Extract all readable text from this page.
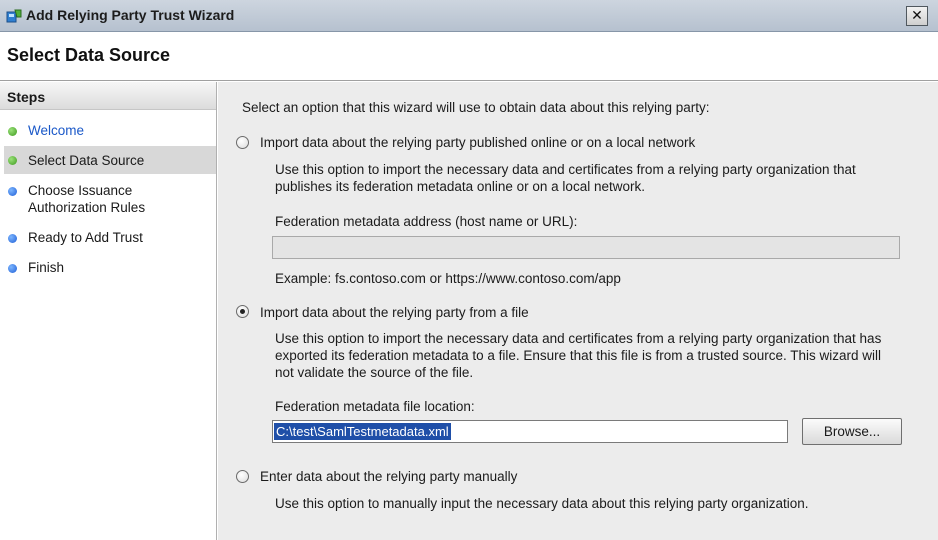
Add Relying Party Trust Wizard	✕
Select Data Source
Steps
Welcome
Select Data Source
Choose Issuance
Authorization Rules
Ready to Add Trust
Finish
Select an option that this wizard will use to obtain data about this relying party:
Import data about the relying party published online or on a local network
Use this option to import the necessary data and certificates from a relying party organization that
publishes its federation metadata online or on a local network.
Federation metadata address (host name or URL):
Example: fs.contoso.com or https://www.contoso.com/app
Import data about the relying party from a file
Use this option to import the necessary data and certificates from a relying party organization that has
exported its federation metadata to a file. Ensure that this file is from a trusted source. This wizard will
not validate the source of the file.
Federation metadata file location:
C:\test\SamlTestmetadata.xml	Browse...
Enter data about the relying party manually
Use this option to manually input the necessary data about this relying party organization.
